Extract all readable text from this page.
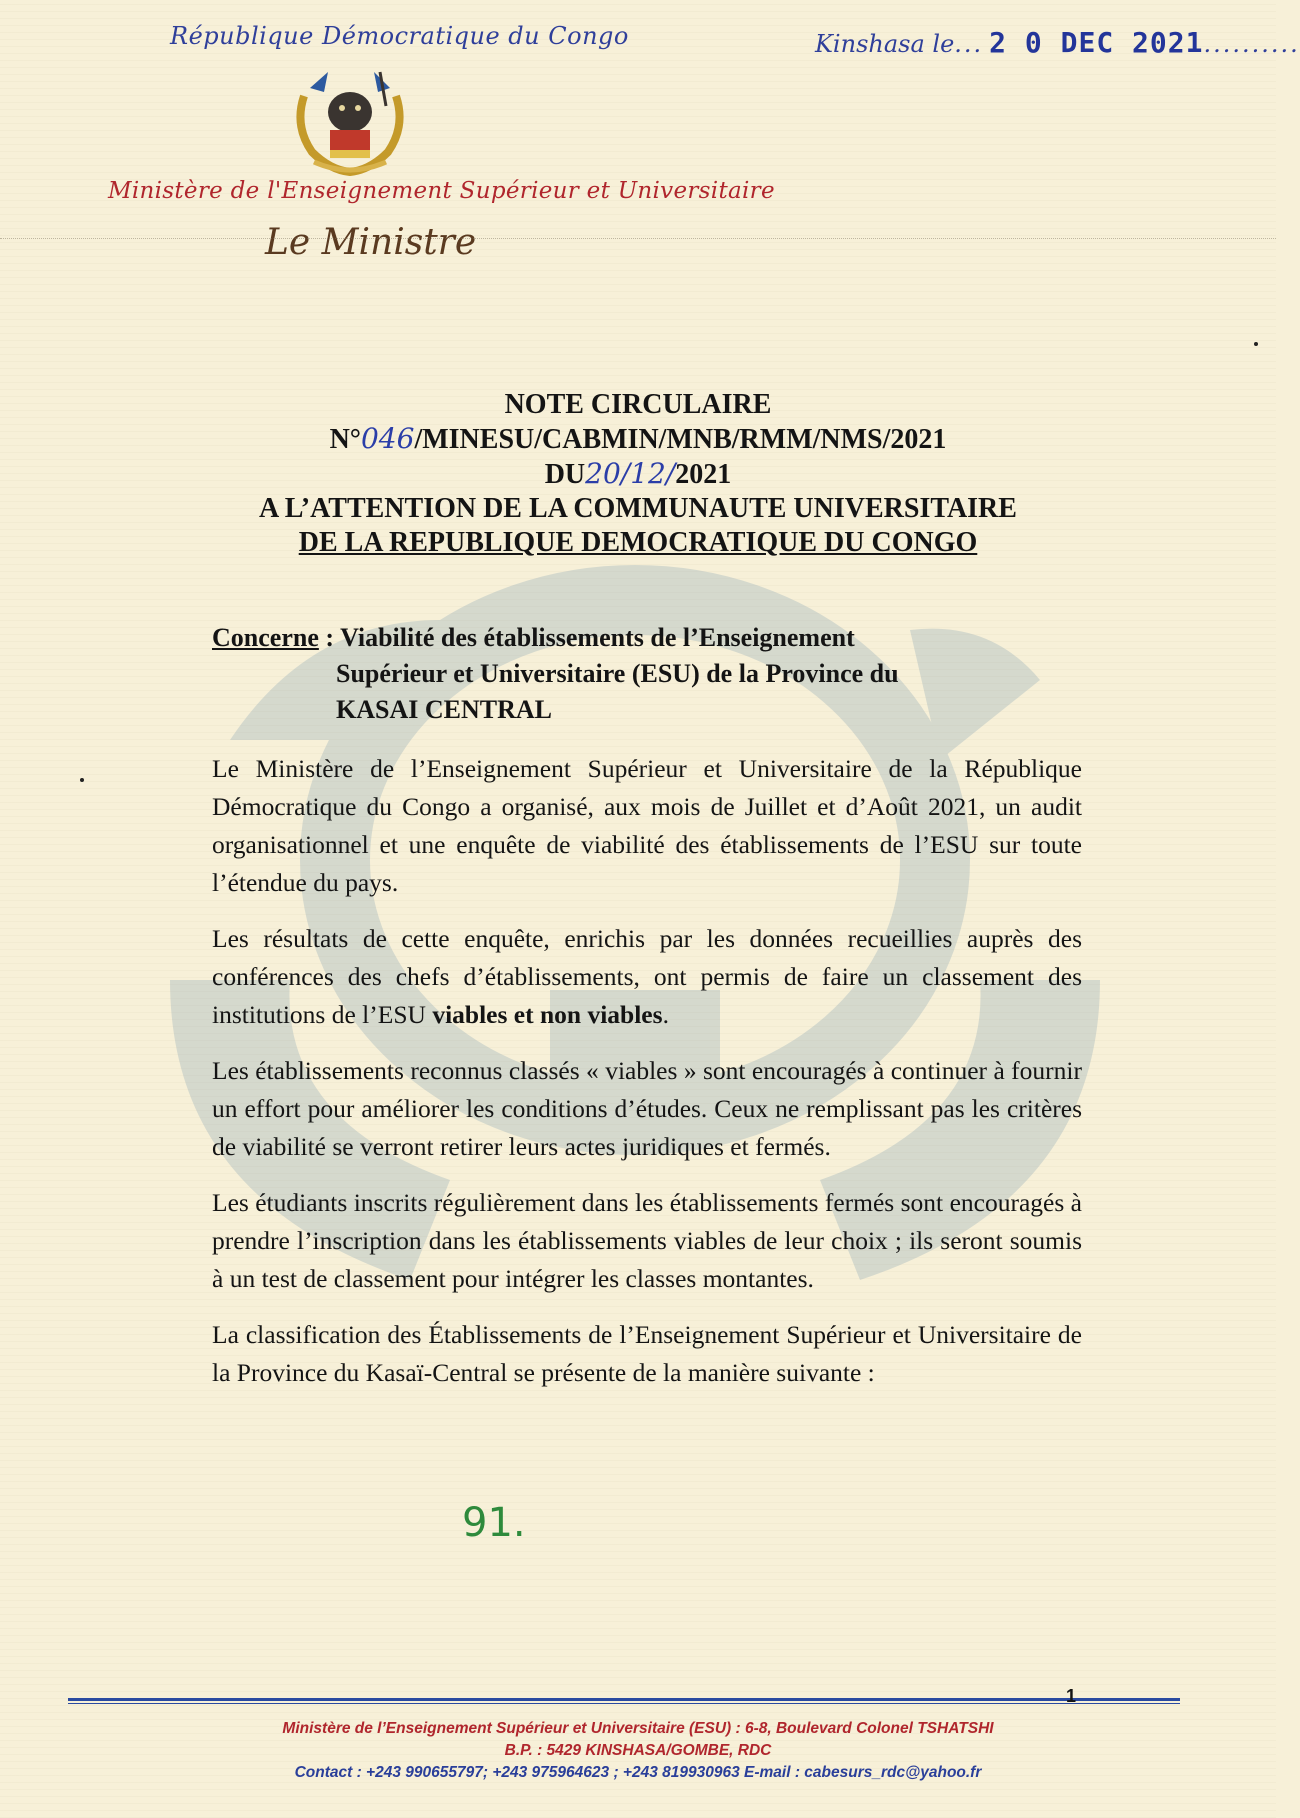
République Démocratique du Congo	Kinshasa le... 2 0 DEC 2021..........
Ministère de l'Enseignement Supérieur et Universitaire
Le Ministre
NOTE CIRCULAIRE
N°046/MINESU/CABMIN/MNB/RMM/NMS/2021
DU20/12/2021
A L’ATTENTION DE LA COMMUNAUTE UNIVERSITAIRE
DE LA REPUBLIQUE DEMOCRATIQUE DU CONGO
Concerne : Viabilité des établissements de l’Enseignement
Supérieur et Universitaire (ESU) de la Province du
KASAI CENTRAL

Le Ministère de l’Enseignement Supérieur et Universitaire de la République Démocratique du Congo a organisé, aux mois de Juillet et d’Août 2021, un audit organisationnel et une enquête de viabilité des établissements de l’ESU sur toute l’étendue du pays.

Les résultats de cette enquête, enrichis par les données recueillies auprès des conférences des chefs d’établissements, ont permis de faire un classement des institutions de l’ESU viables et non viables.

Les établissements reconnus classés « viables » sont encouragés à continuer à fournir un effort pour améliorer les conditions d’études. Ceux ne remplissant pas les critères de viabilité se verront retirer leurs actes juridiques et fermés.

Les étudiants inscrits régulièrement dans les établissements fermés sont encouragés à prendre l’inscription dans les établissements viables de leur choix ; ils seront soumis à un test de classement pour intégrer les classes montantes.

La classification des Établissements de l’Enseignement Supérieur et Universitaire de la Province du Kasaï-Central se présente de la manière suivante :

91.
1
Ministère de l’Enseignement Supérieur et Universitaire (ESU) : 6-8, Boulevard Colonel TSHATSHI
B.P. : 5429 KINSHASA/GOMBE, RDC
Contact : +243 990655797; +243 975964623 ; +243 819930963 E-mail : cabesurs_rdc@yahoo.fr
